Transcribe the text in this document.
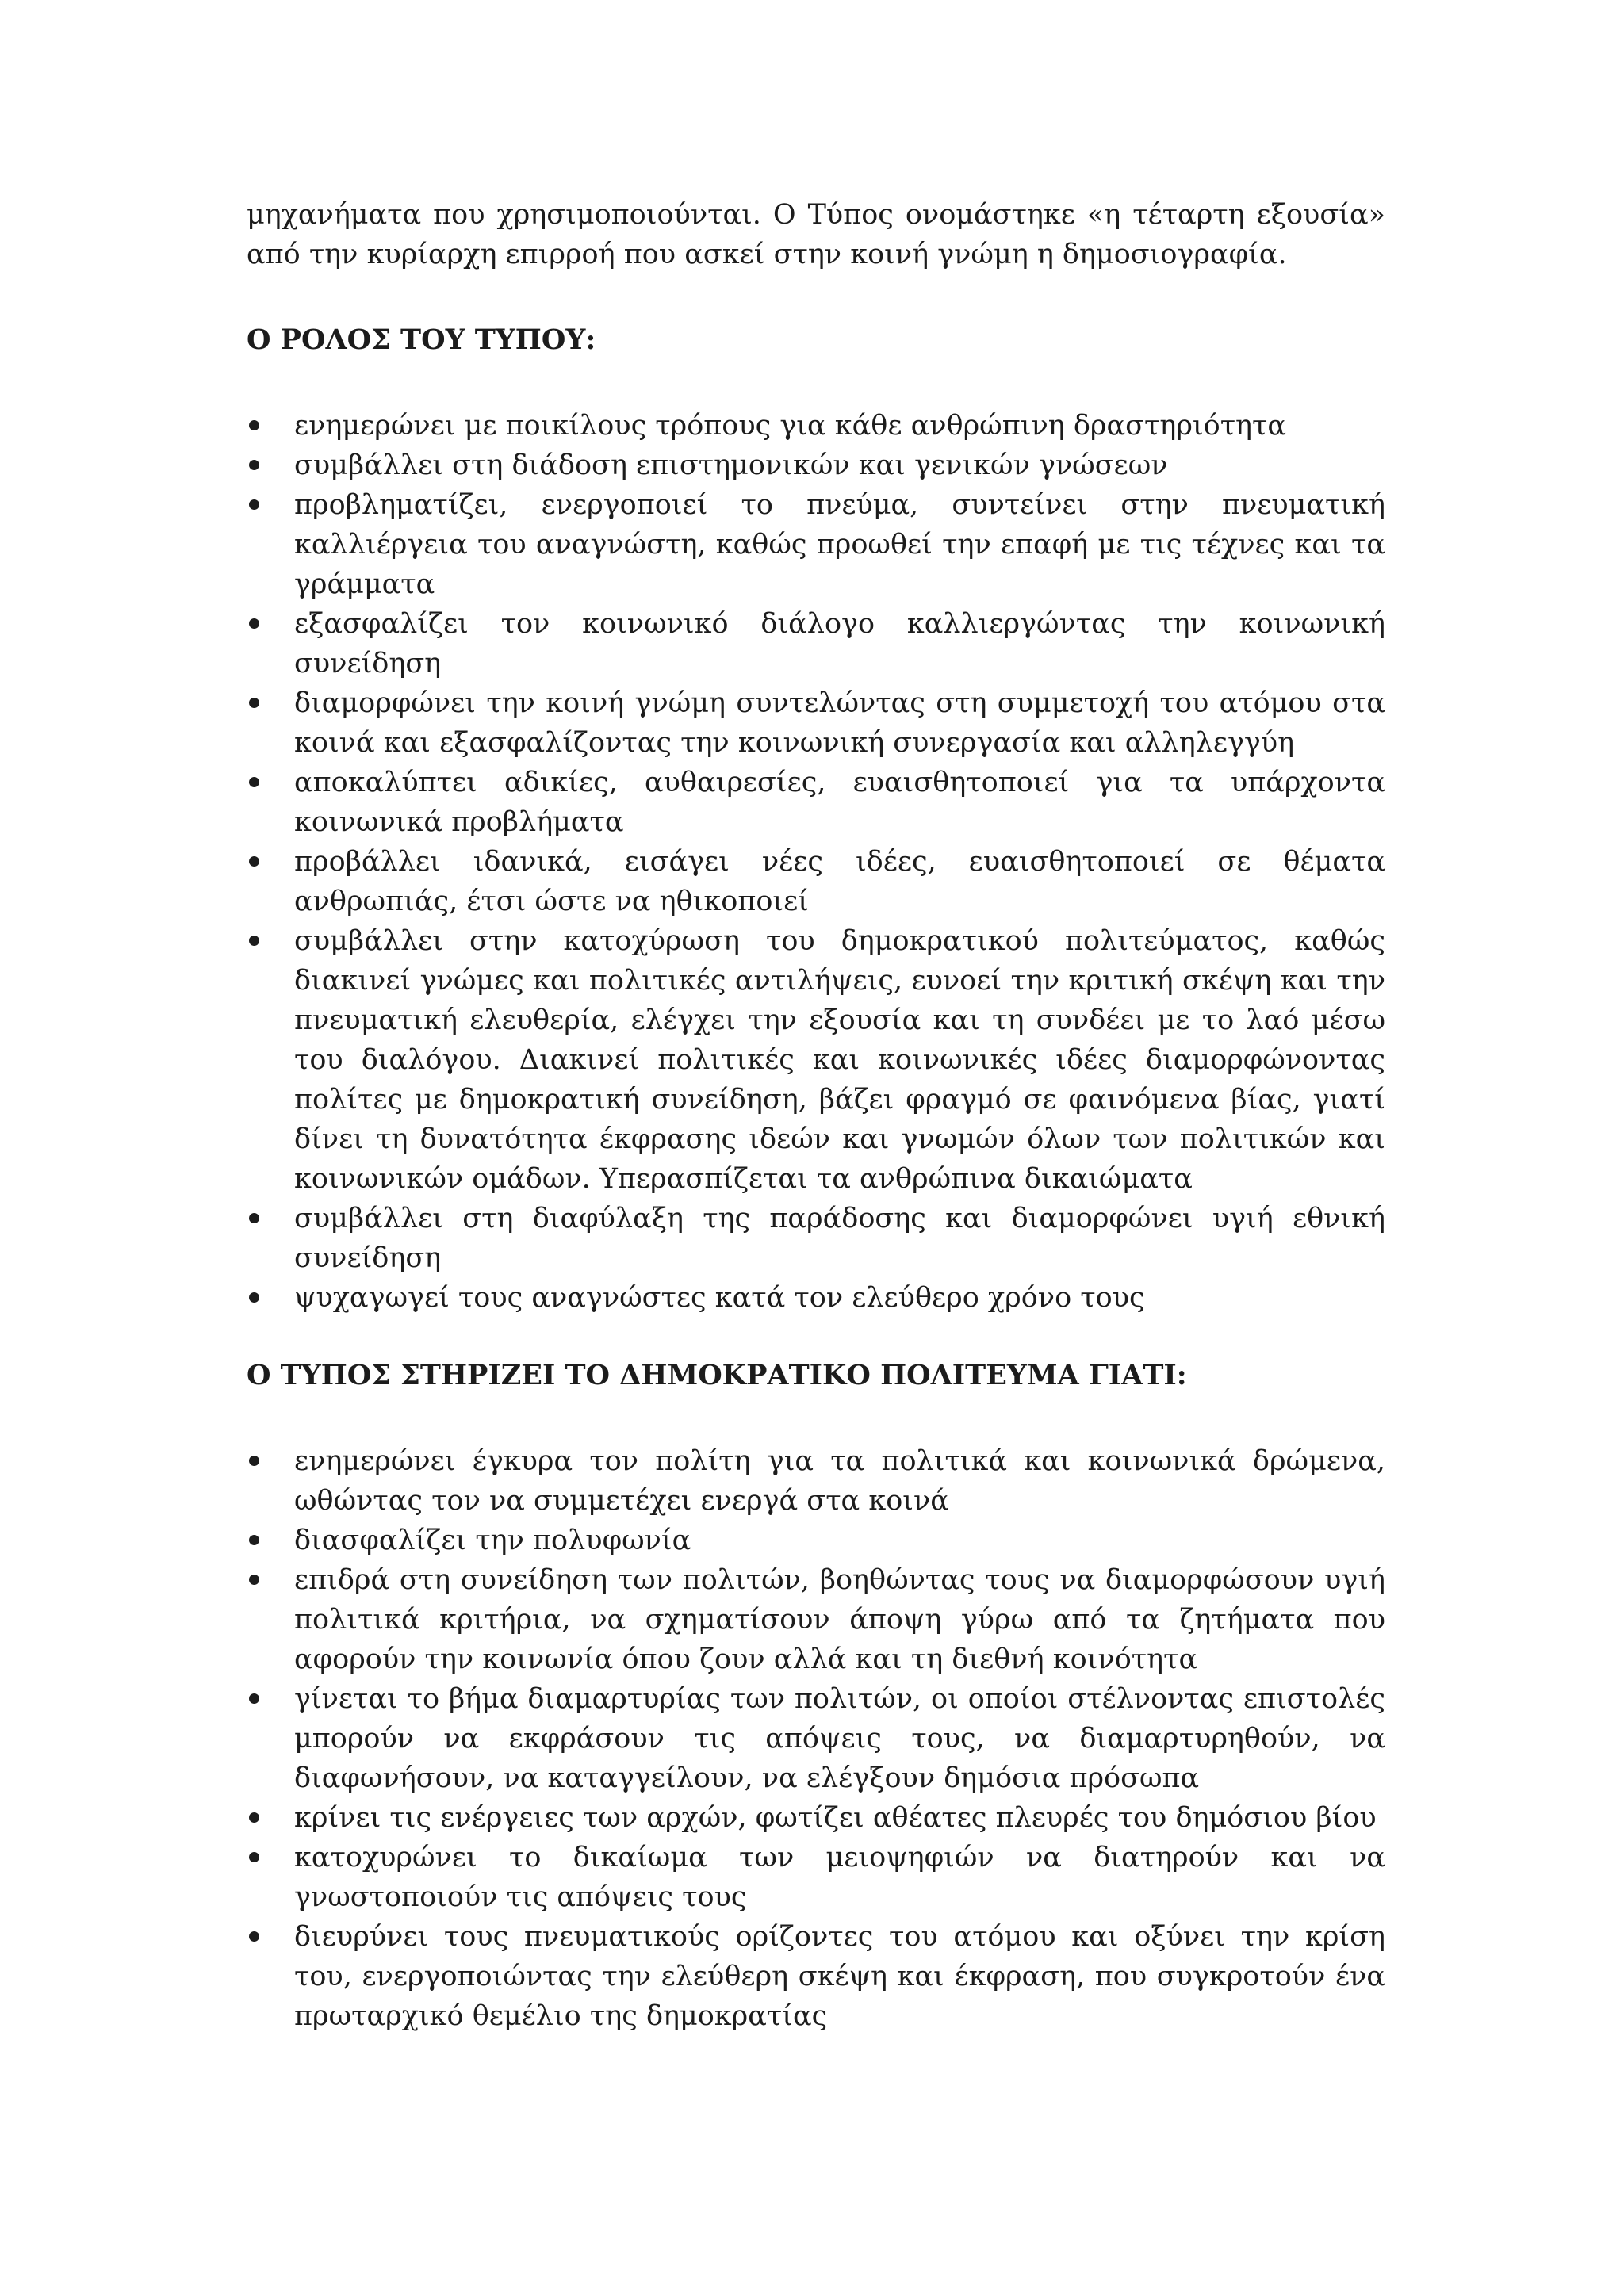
μηχανήματα που χρησιμοποιούνται. Ο Τύπος ονομάστηκε «η τέταρτη εξουσία» από την κυρίαρχη επιρροή που ασκεί στην κοινή γνώμη η δημοσιογραφία.

Ο ΡΟΛΟΣ ΤΟΥ ΤΥΠΟΥ:

ενημερώνει με ποικίλους τρόπους για κάθε ανθρώπινη δραστηριότητα
συμβάλλει στη διάδοση επιστημονικών και γενικών γνώσεων
προβληματίζει, ενεργοποιεί το πνεύμα, συντείνει στην πνευματική καλλιέργεια του αναγνώστη, καθώς προωθεί την επαφή με τις τέχνες και τα γράμματα
εξασφαλίζει τον κοινωνικό διάλογο καλλιεργώντας την κοινωνική συνείδηση
διαμορφώνει την κοινή γνώμη συντελώντας στη συμμετοχή του ατόμου στα κοινά και εξασφαλίζοντας την κοινωνική συνεργασία και αλληλεγγύη
αποκαλύπτει αδικίες, αυθαιρεσίες, ευαισθητοποιεί για τα υπάρχοντα κοινωνικά προβλήματα
προβάλλει ιδανικά, εισάγει νέες ιδέες, ευαισθητοποιεί σε θέματα ανθρωπιάς, έτσι ώστε να ηθικοποιεί
συμβάλλει στην κατοχύρωση του δημοκρατικού πολιτεύματος, καθώς διακινεί γνώμες και πολιτικές αντιλήψεις, ευνοεί την κριτική σκέψη και την πνευματική ελευθερία, ελέγχει την εξουσία και τη συνδέει με το λαό μέσω του διαλόγου. Διακινεί πολιτικές και κοινωνικές ιδέες διαμορφώνοντας πολίτες με δημοκρατική συνείδηση, βάζει φραγμό σε φαινόμενα βίας, γιατί δίνει τη δυνατότητα έκφρασης ιδεών και γνωμών όλων των πολιτικών και κοινωνικών ομάδων. Υπερασπίζεται τα ανθρώπινα δικαιώματα
συμβάλλει στη διαφύλαξη της παράδοσης και διαμορφώνει υγιή εθνική συνείδηση
ψυχαγωγεί τους αναγνώστες κατά τον ελεύθερο χρόνο τους

Ο ΤΥΠΟΣ ΣΤΗΡΙΖΕΙ ΤΟ ΔΗΜΟΚΡΑΤΙΚΟ ΠΟΛΙΤΕΥΜΑ ΓΙΑΤΙ:

ενημερώνει έγκυρα τον πολίτη για τα πολιτικά και κοινωνικά δρώμενα, ωθώντας τον να συμμετέχει ενεργά στα κοινά
διασφαλίζει την πολυφωνία
επιδρά στη συνείδηση των πολιτών, βοηθώντας τους να διαμορφώσουν υγιή πολιτικά κριτήρια, να σχηματίσουν άποψη γύρω από τα ζητήματα που αφορούν την κοινωνία όπου ζουν αλλά και τη διεθνή κοινότητα
γίνεται το βήμα διαμαρτυρίας των πολιτών, οι οποίοι στέλνοντας επιστολές μπορούν να εκφράσουν τις απόψεις τους, να διαμαρτυρηθούν, να διαφωνήσουν, να καταγγείλουν, να ελέγξουν δημόσια πρόσωπα
κρίνει τις ενέργειες των αρχών, φωτίζει αθέατες πλευρές του δημόσιου βίου
κατοχυρώνει το δικαίωμα των μειοψηφιών να διατηρούν και να γνωστοποιούν τις απόψεις τους
διευρύνει τους πνευματικούς ορίζοντες του ατόμου και οξύνει την κρίση του, ενεργοποιώντας την ελεύθερη σκέψη και έκφραση, που συγκροτούν ένα πρωταρχικό θεμέλιο της δημοκρατίας
